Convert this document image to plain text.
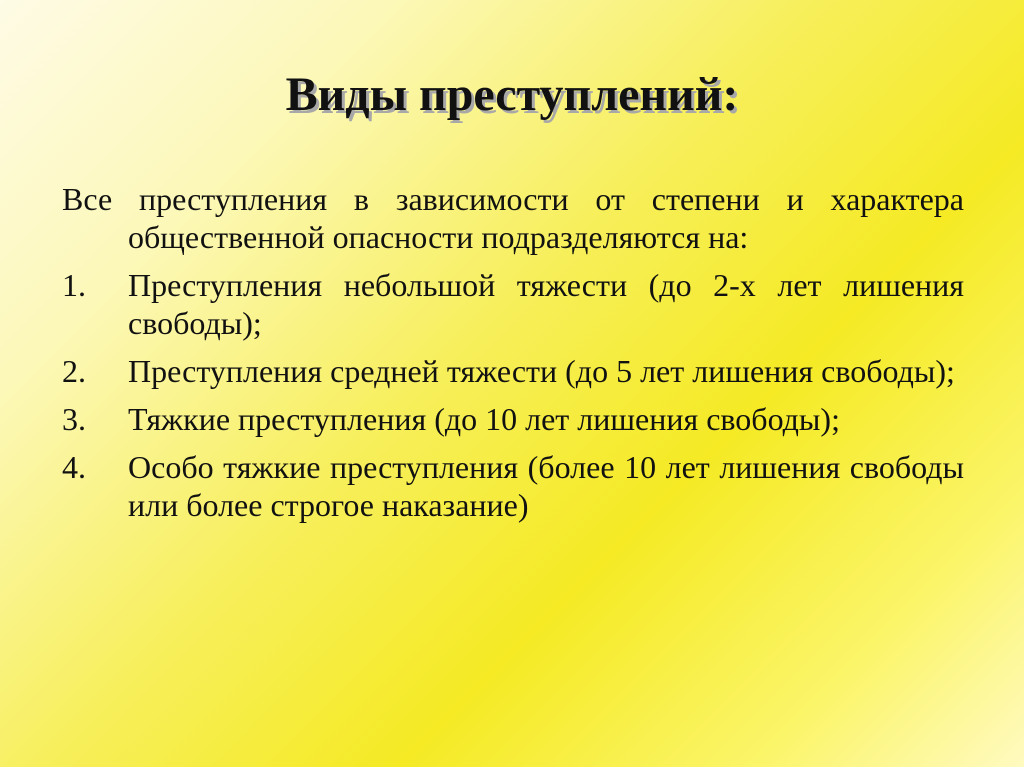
Виды преступлений:

Все преступления в зависимости от степени и характера общественной опасности подразделяются на:

1. Преступления небольшой тяжести (до 2-х лет лишения свободы);

2. Преступления средней тяжести (до 5 лет лишения свободы);

3. Тяжкие преступления (до 10 лет лишения свободы);

4. Особо тяжкие преступления (более 10 лет лишения свободы или более строгое наказание)
